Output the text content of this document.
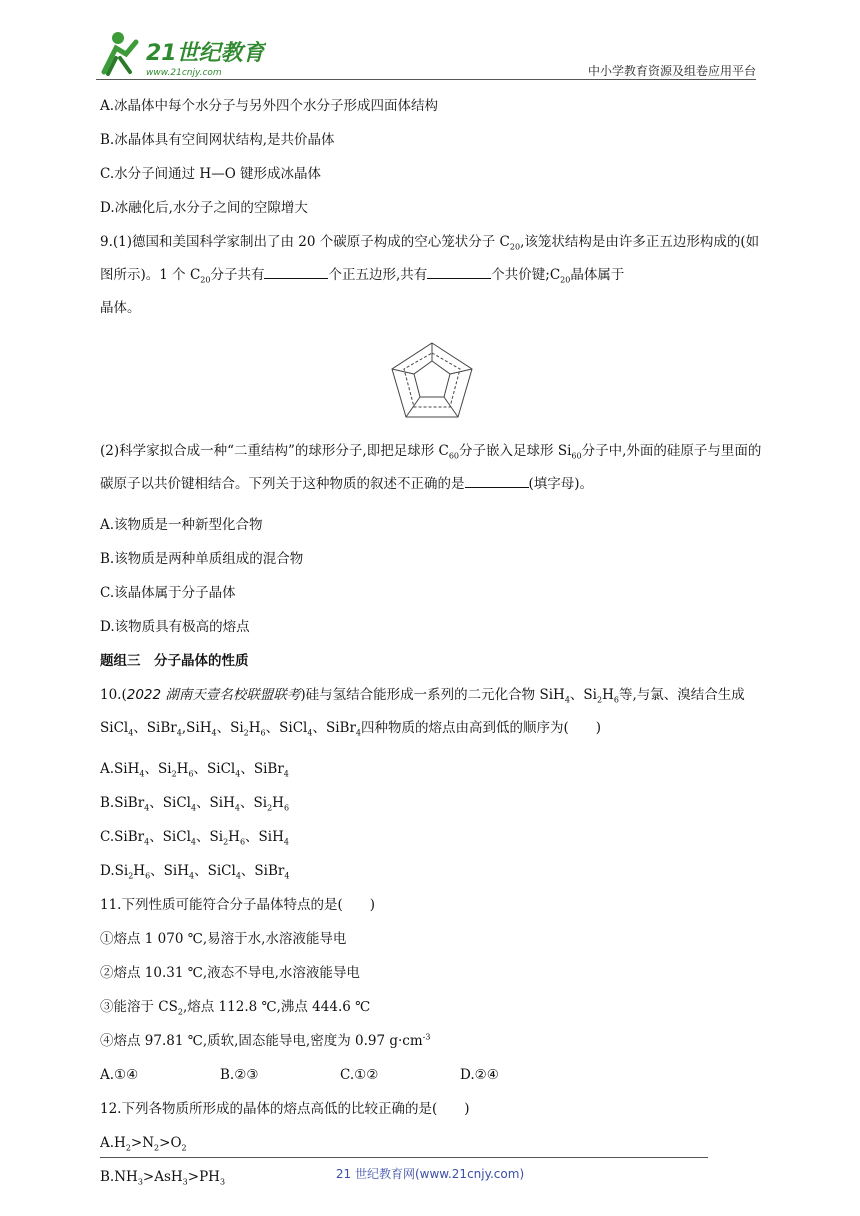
21世纪教育
www.21cnjy.com	中小学教育资源及组卷应用平台
A.冰晶体中每个水分子与另外四个水分子形成四面体结构
B.冰晶体具有空间网状结构,是共价晶体
C.水分子间通过 H—O 键形成冰晶体
D.冰融化后,水分子之间的空隙增大
9.(1)德国和美国科学家制出了由 20 个碳原子构成的空心笼状分子 $C_{20}$,该笼状结构是由许多正五边形构成的(如图所示)。1 个 $C_{20}$分子共有	个正五边形,共有	个共价键$;C_{20}$晶体属于
晶体。
(2)科学家拟合成一种“二重结构”的球形分子,即把足球形 $C_{60}$分子嵌入足球形 $Si_{60}$分子中,外面的硅原子与里面的碳原子以共价键相结合。下列关于这种物质的叙述不正确的是	(填字母)。
A.该物质是一种新型化合物
B.该物质是两种单质组成的混合物
C.该晶体属于分子晶体
D.该物质具有极高的熔点
题组三　分子晶体的性质
10.(2022 湖南天壹名校联盟联考)硅与氢结合能形成一系列的二元化合物 SiH$_4$、$Si_2H_6$等,与氯、溴结合生成 SiCl$_4$、SiBr$_4$,SiH$_4$、$Si_2H_6$、SiCl$_4$、SiBr$_4$四种物质的熔点由高到低的顺序为(　　)
A.SiH$_4$、$Si_2H_6$、SiCl$_4$、SiBr$_4$
B.SiBr$_4$、SiCl$_4$、SiH$_4$、$Si_2H_6$
C.SiBr$_4$、SiCl$_4$、$Si_2H_6$、SiH$_4$
$D.Si_2H_6$、SiH$_4$、SiCl$_4$、SiBr$_4$
11.下列性质可能符合分子晶体特点的是(　　)
①熔点 1 070 ℃,易溶于水,水溶液能导电
②熔点 10.31 ℃,液态不导电,水溶液能导电
③能溶于 $CS_2$,熔点 112.8 ℃,沸点 444.6 ℃
④熔点 97.81 ℃,质软,固态能导电,密度为 0.97 $g\cdot cm^{-3}$
A.①④	B.②③	C.①②	D.②④
12.下列各物质所形成的晶体的熔点高低的比较正确的是(　　)
$A.H_2>N_2>O_2$
$B.NH_3>AsH_3>PH_3$
21 世纪教育网(www.21cnjy.com)
